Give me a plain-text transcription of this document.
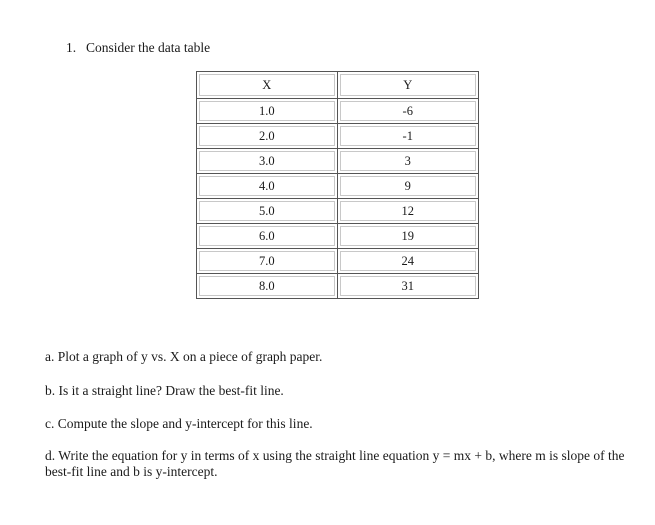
1. Consider the data table
X	Y
1.0	-6
2.0	-1
3.0	3
4.0	9
5.0	12
6.0	19
7.0	24
8.0	31
a. Plot a graph of y vs. X on a piece of graph paper.
b. Is it a straight line? Draw the best-fit line.
c. Compute the slope and y-intercept for this line.
d. Write the equation for y in terms of x using the straight line equation y = mx + b, where m is slope of the best-fit line and b is y-intercept.
